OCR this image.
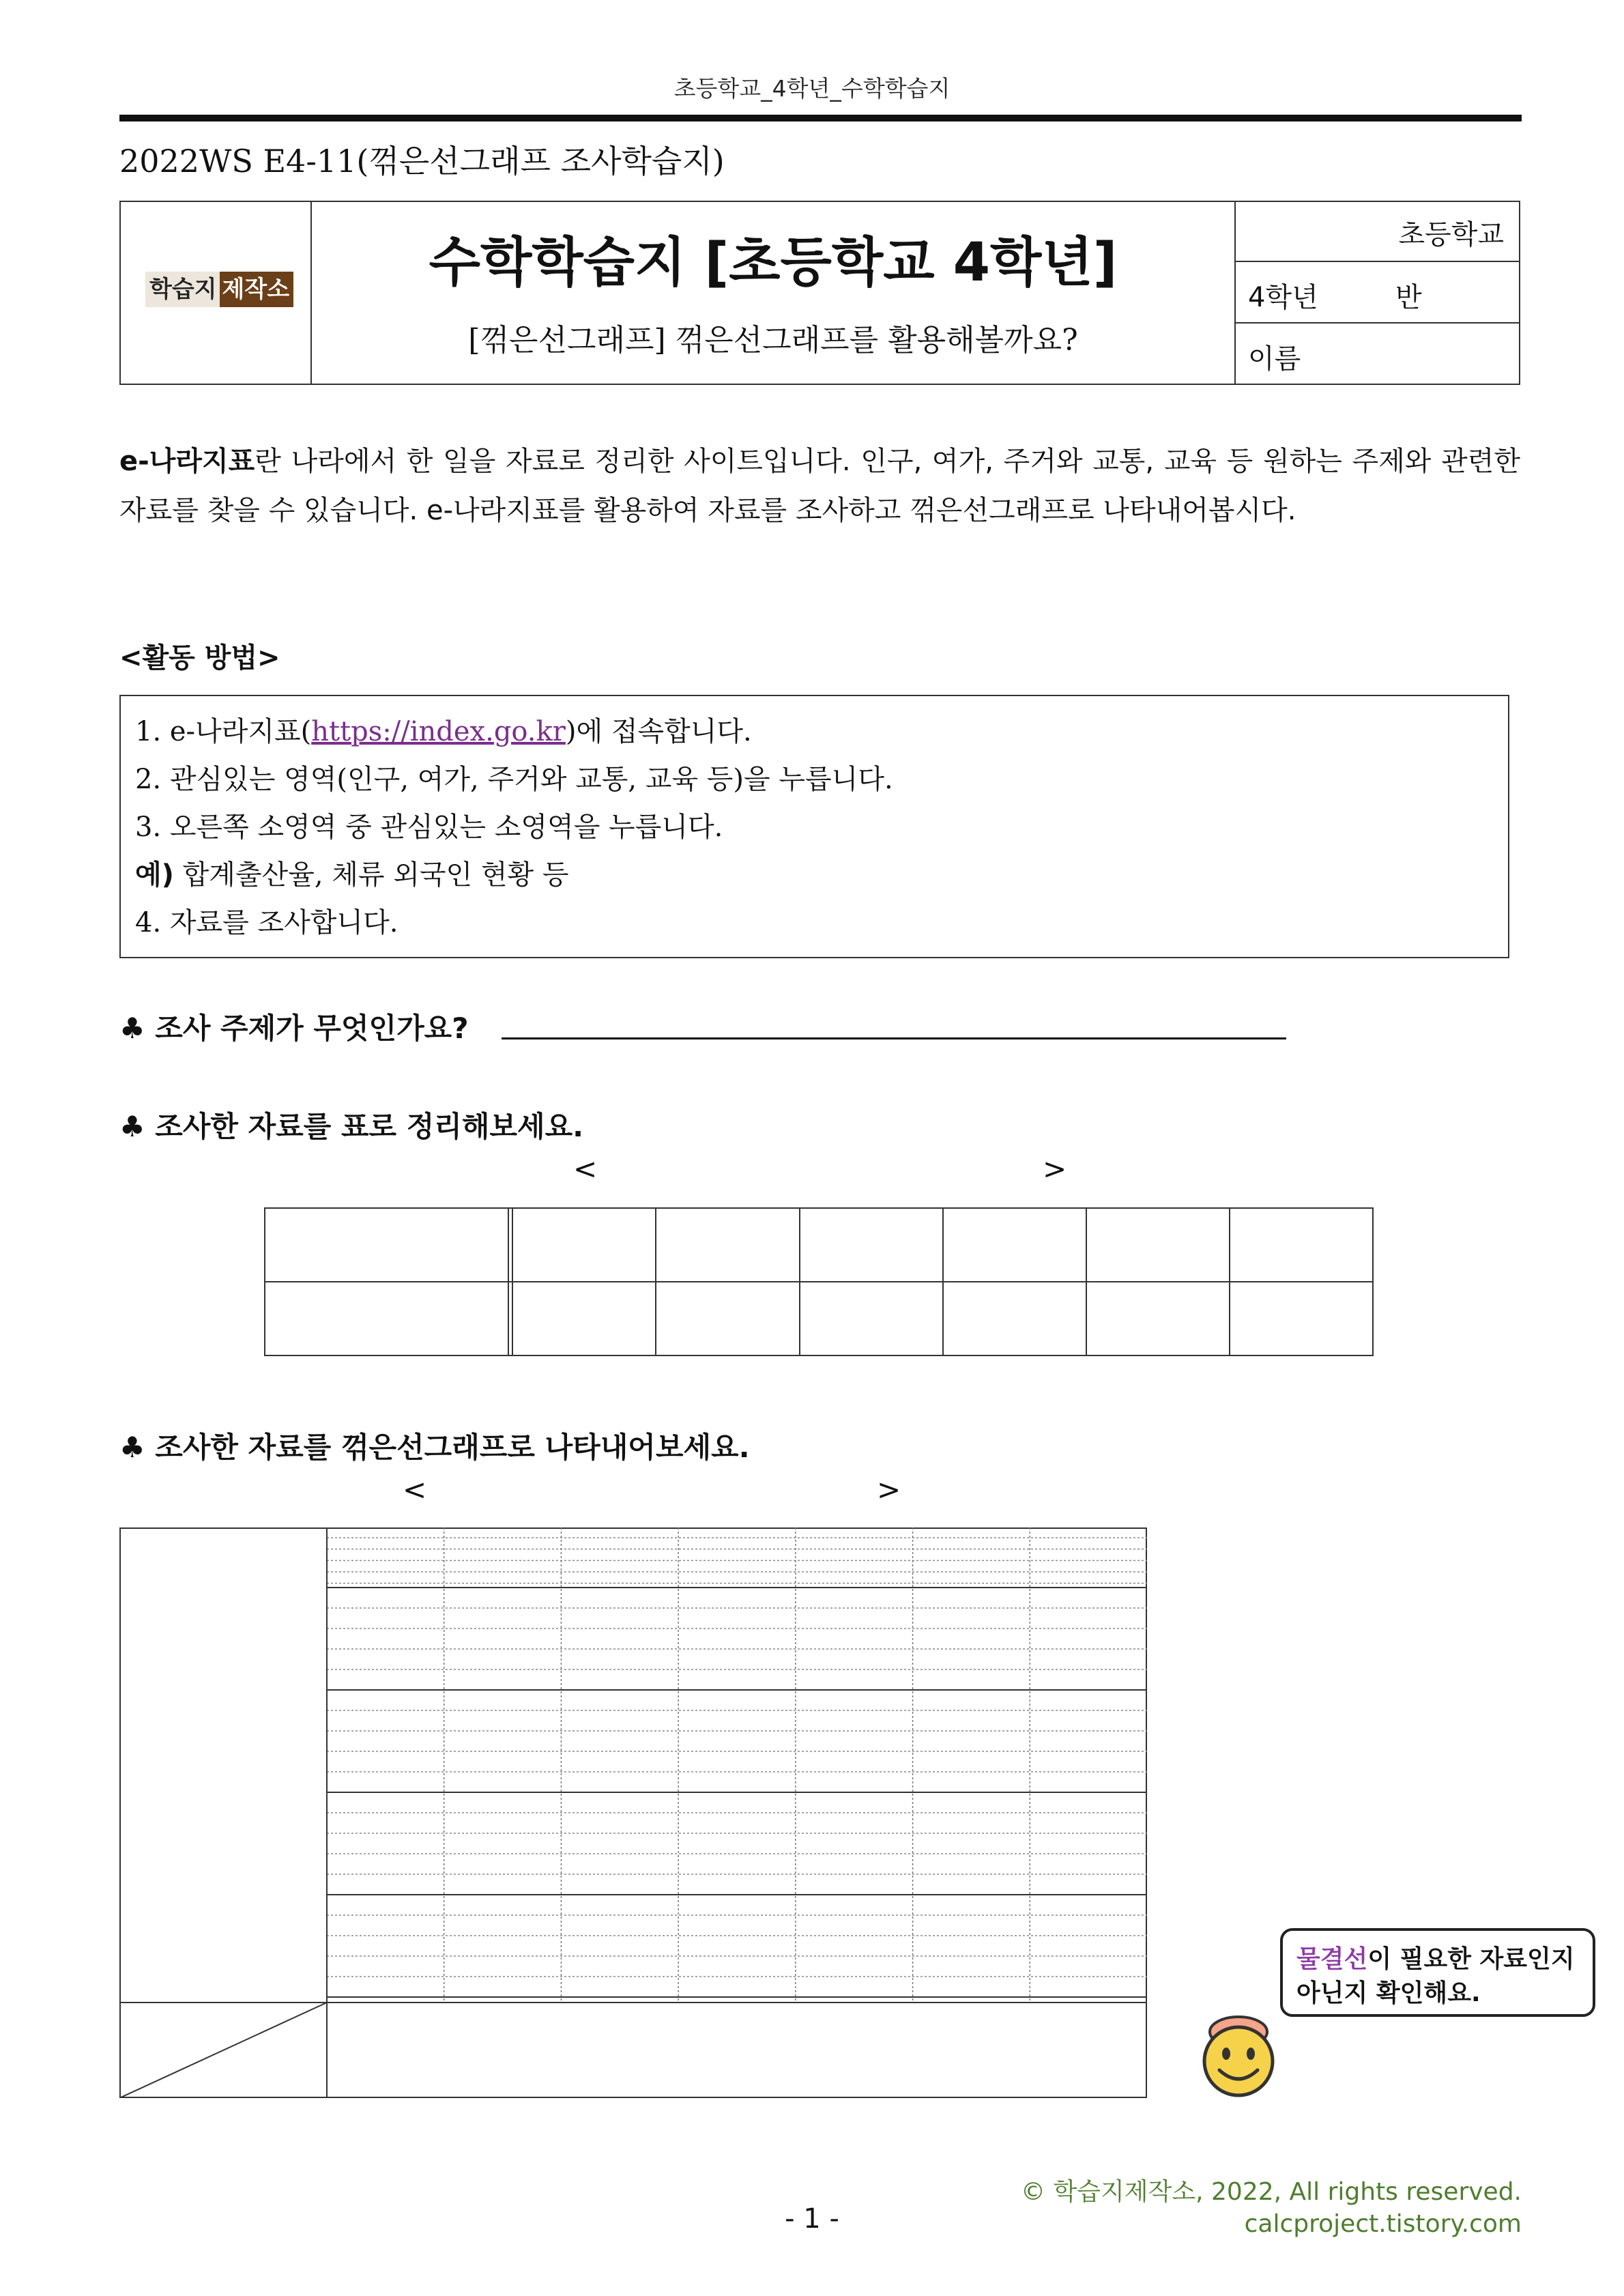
초등학교_4학년_수학학습지
2022WS E4-11(꺾은선그래프 조사학습지)
학습지 제작소	수학학습지 [초등학교 4학년]
[꺾은선그래프] 꺾은선그래프를 활용해볼까요?
초등학교
4학년	반
이름
e-나라지표란 나라에서 한 일을 자료로 정리한 사이트입니다. 인구, 여가, 주거와 교통, 교육 등 원하는 주제와 관련한 자료를 찾을 수 있습니다. e-나라지표를 활용하여 자료를 조사하고 꺾은선그래프로 나타내어봅시다.
<활동 방법>
1. e-나라지표(https://index.go.kr)에 접속합니다.
2. 관심있는 영역(인구, 여가, 주거와 교통, 교육 등)을 누릅니다.
3. 오른쪽 소영역 중 관심있는 소영역을 누릅니다.
예) 합계출산율, 체류 외국인 현황 등
4. 자료를 조사합니다.
♣ 조사 주제가 무엇인가요?
♣ 조사한 자료를 표로 정리해보세요.
<	>
♣ 조사한 자료를 꺾은선그래프로 나타내어보세요.
<	>
물결선이 필요한 자료인지
아닌지 확인해요.
© 학습지제작소, 2022, All rights reserved.
calcproject.tistory.com
- 1 -
